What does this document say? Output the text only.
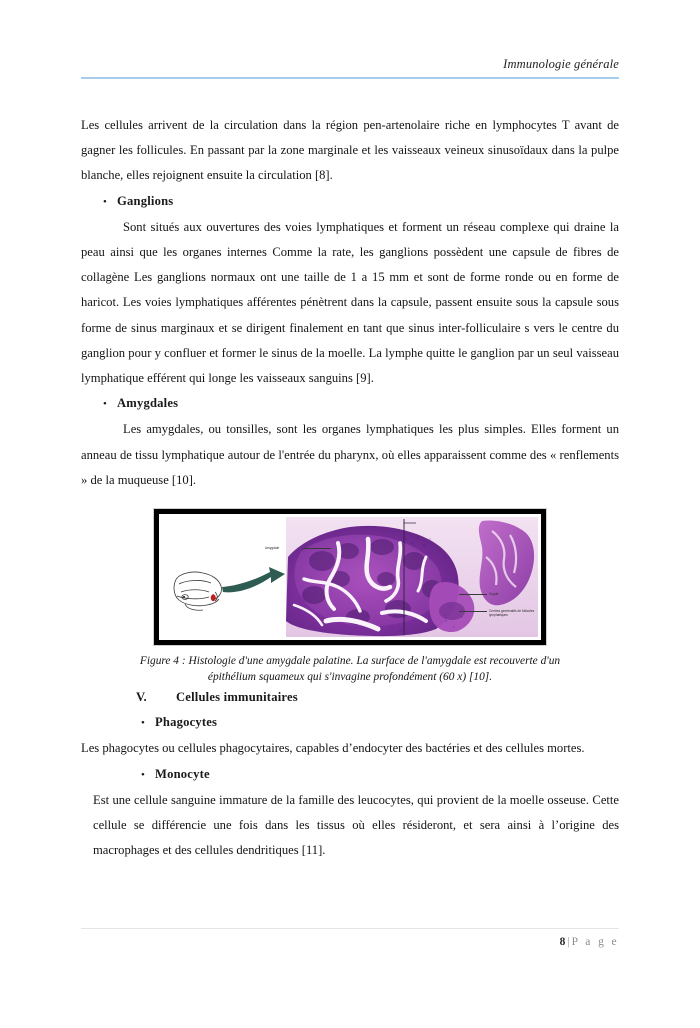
Immunologie générale

Les cellules arrivent de la circulation dans la région pen-artenolaire riche en lymphocytes T avant de gagner les follicules. En passant par la zone marginale et les vaisseaux veineux sinusoïdaux dans la pulpe blanche, elles rejoignent ensuite la circulation [8].

• Ganglions

Sont situés aux ouvertures des voies lymphatiques et forment un réseau complexe qui draine la peau ainsi que les organes internes Comme la rate, les ganglions possèdent une capsule de fibres de collagène Les ganglions normaux ont une taille de 1 a 15 mm et sont de forme ronde ou en forme de haricot. Les voies lymphatiques afférentes pénètrent dans la capsule, passent ensuite sous la capsule sous forme de sinus marginaux et se dirigent finalement en tant que sinus inter-folliculaire s vers le centre du ganglion pour y confluer et former le sinus de la moelle. La lymphe quitte le ganglion par un seul vaisseau lymphatique efférent qui longe les vaisseaux sanguins [9].

• Amygdales

Les amygdales, ou tonsilles, sont les organes lymphatiques les plus simples. Elles forment un anneau de tissu lymphatique autour de l'entrée du pharynx, où elles apparaissent comme des « renflements » de la muqueuse [10].

Amygdale
Crypte
Centres germinatifs de follicules lymphatiques
Figure 4 : Histologie d'une amygdale palatine. La surface de l'amygdale est recouverte d'un épithélium squameux qui s'invagine profondément (60 x) [10].
V.	Cellules immunitaires
• Phagocytes

Les phagocytes ou cellules phagocytaires, capables d’endocyter des bactéries et des cellules mortes.

• Monocyte

Est une cellule sanguine immature de la famille des leucocytes, qui provient de la moelle osseuse. Cette cellule se différencie une fois dans les tissus où elles résideront, et sera ainsi à l’origine des macrophages et des cellules dendritiques [11].

8 | P a g e
